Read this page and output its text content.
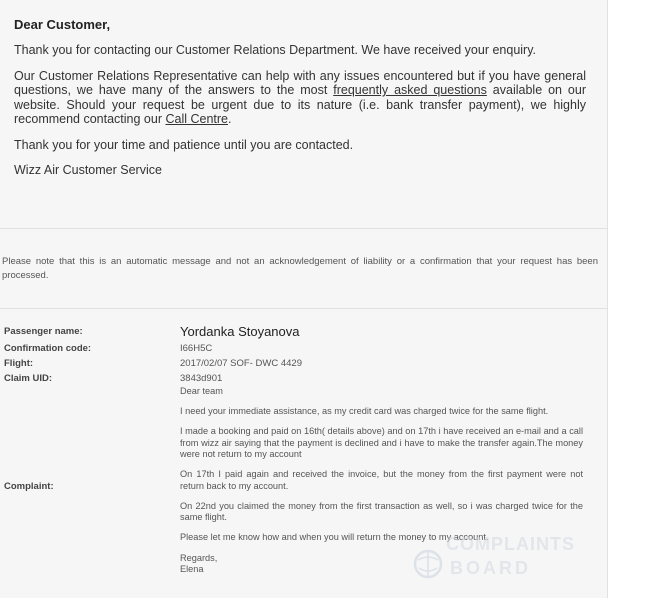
Dear Customer,

Thank you for contacting our Customer Relations Department. We have received your enquiry.

Our Customer Relations Representative can help with any issues encountered but if you have general questions, we have many of the answers to the most frequently asked questions available on our website. Should your request be urgent due to its nature (i.e. bank transfer payment), we highly recommend contacting our Call Centre.

Thank you for your time and patience until you are contacted.

Wizz Air Customer Service

Please note that this is an automatic message and not an acknowledgement of liability or a confirmation that your request has been processed.
Passenger name:	Yordanka Stoyanova
Confirmation code:	I66H5C
Flight:	2017/02/07 SOF- DWC 4429
Claim UID:	3843d901
Complaint:

Dear team

I need your immediate assistance, as my credit card was charged twice for the same flight.

I made a booking and paid on 16th( details above) and on 17th i have received an e-mail and a call from wizz air saying that the payment is declined and i have to make the transfer again.The money were not return to my account

On 17th I paid again and received the invoice, but the money from the first payment were not return back to my account.

On 22nd you claimed the money from the first transaction as well, so i was charged twice for the same flight.

Please let me know how and when you will return the money to my account.

Regards,

Elena

COMPLAINTS
BOARD
